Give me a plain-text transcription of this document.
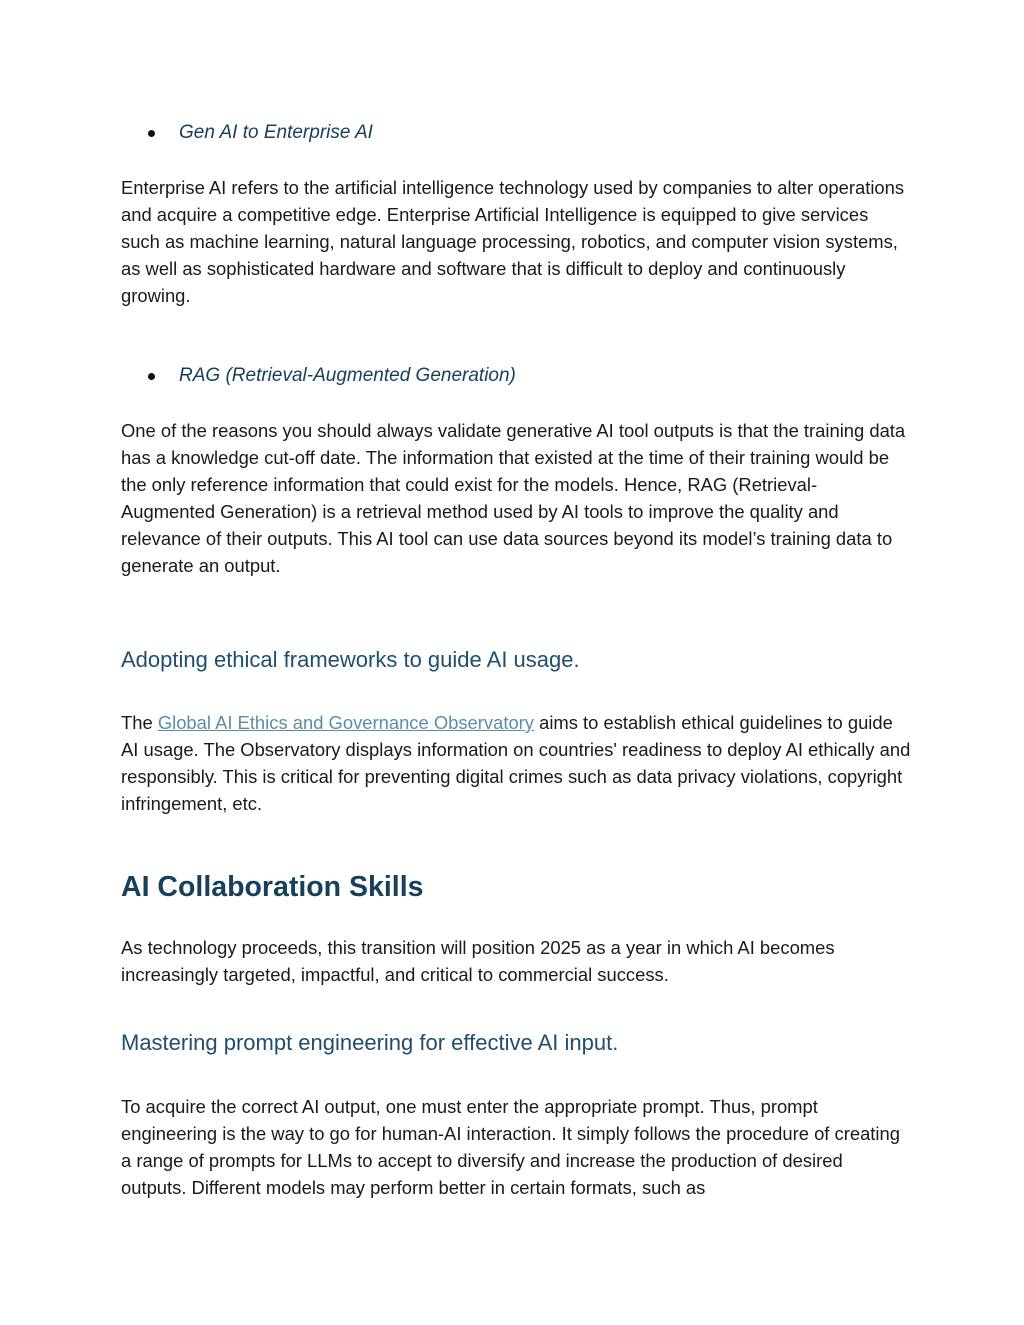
Gen AI to Enterprise AI
Enterprise AI refers to the artificial intelligence technology used by companies to alter operations and acquire a competitive edge. Enterprise Artificial Intelligence is equipped to give services such as machine learning, natural language processing, robotics, and computer vision systems, as well as sophisticated hardware and software that is difficult to deploy and continuously growing.
RAG (Retrieval-Augmented Generation)
One of the reasons you should always validate generative AI tool outputs is that the training data has a knowledge cut-off date. The information that existed at the time of their training would be the only reference information that could exist for the models. Hence, RAG (Retrieval-Augmented Generation) is a retrieval method used by AI tools to improve the quality and relevance of their outputs. This AI tool can use data sources beyond its model’s training data to generate an output.
Adopting ethical frameworks to guide AI usage.
The Global AI Ethics and Governance Observatory aims to establish ethical guidelines to guide AI usage. The Observatory displays information on countries' readiness to deploy AI ethically and responsibly. This is critical for preventing digital crimes such as data privacy violations, copyright infringement, etc.
AI Collaboration Skills
As technology proceeds, this transition will position 2025 as a year in which AI becomes increasingly targeted, impactful, and critical to commercial success.
Mastering prompt engineering for effective AI input.
To acquire the correct AI output, one must enter the appropriate prompt. Thus, prompt engineering is the way to go for human-AI interaction. It simply follows the procedure of creating a range of prompts for LLMs to accept to diversify and increase the production of desired outputs. Different models may perform better in certain formats, such as
